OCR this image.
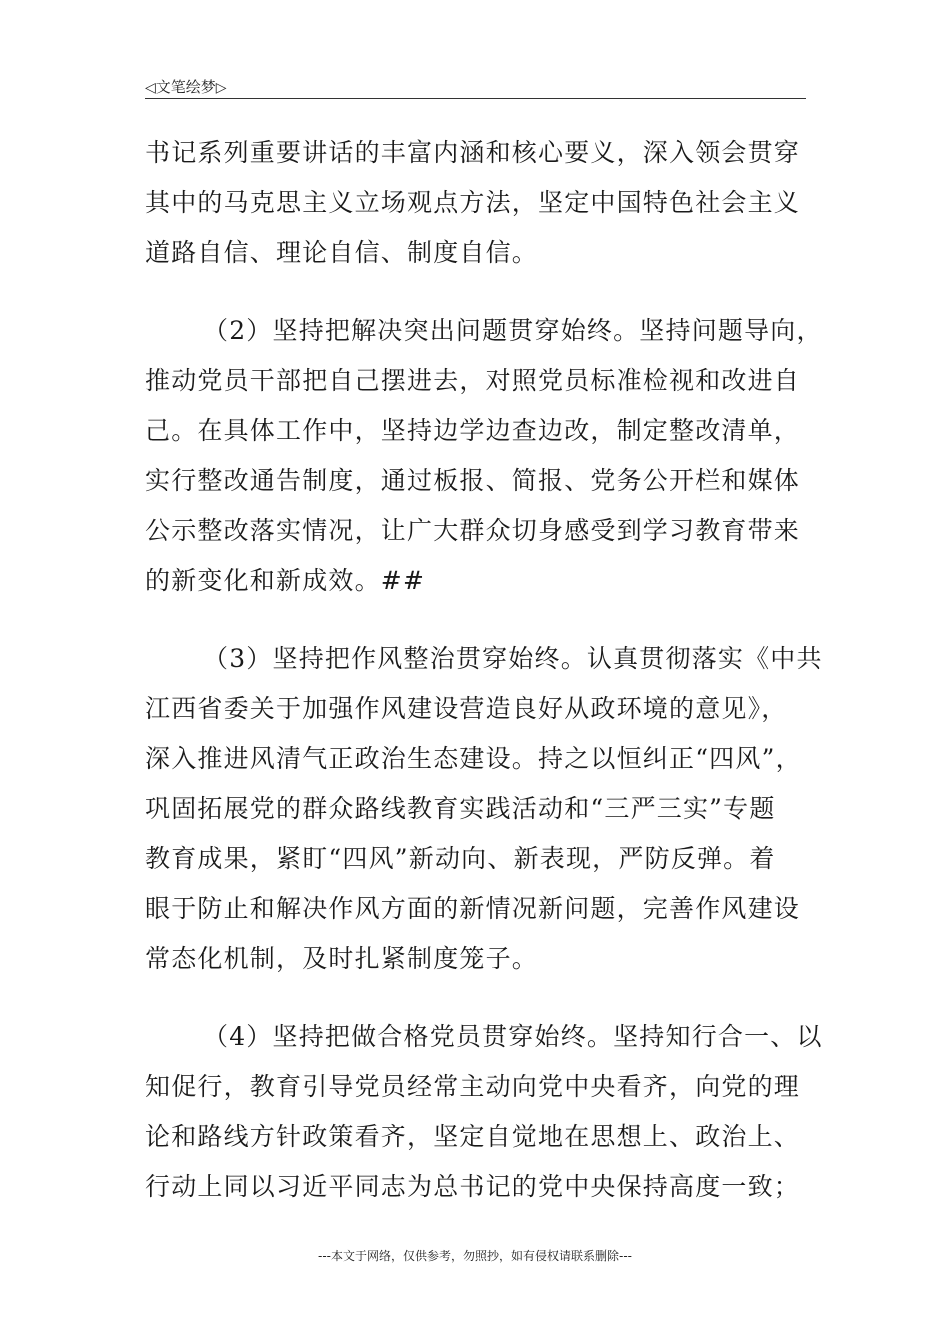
◁文笔绘梦▷
书记系列重要讲话的丰富内涵和核心要义，深入领会贯穿
其中的马克思主义立场观点方法，坚定中国特色社会主义
道路自信、理论自信、制度自信。
（2）坚持把解决突出问题贯穿始终。坚持问题导向，
推动党员干部把自己摆进去，对照党员标准检视和改进自
己。在具体工作中，坚持边学边查边改，制定整改清单，
实行整改通告制度，通过板报、简报、党务公开栏和媒体
公示整改落实情况，让广大群众切身感受到学习教育带来
的新变化和新成效。##
（3）坚持把作风整治贯穿始终。认真贯彻落实《中共
江西省委关于加强作风建设营造良好从政环境的意见》，
深入推进风清气正政治生态建设。持之以恒纠正“四风”，
巩固拓展党的群众路线教育实践活动和“三严三实”专题
教育成果，紧盯“四风”新动向、新表现，严防反弹。着
眼于防止和解决作风方面的新情况新问题，完善作风建设
常态化机制，及时扎紧制度笼子。
（4）坚持把做合格党员贯穿始终。坚持知行合一、以
知促行，教育引导党员经常主动向党中央看齐，向党的理
论和路线方针政策看齐，坚定自觉地在思想上、政治上、
行动上同以习近平同志为总书记的党中央保持高度一致；
---本文于网络，仅供参考，勿照抄，如有侵权请联系删除---
